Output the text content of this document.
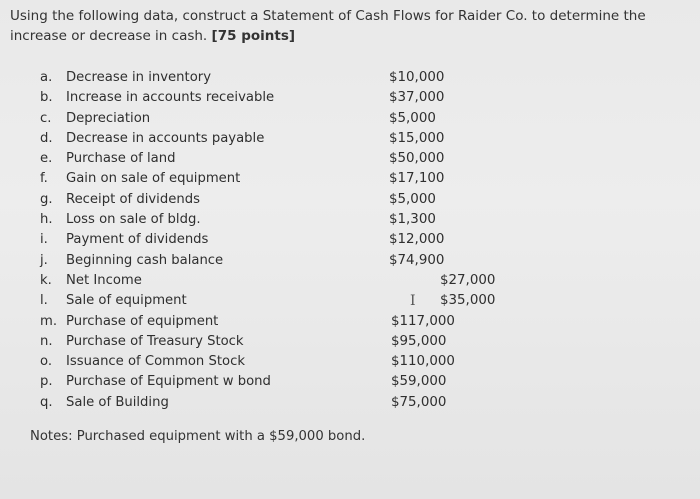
Using the following data, construct a Statement of Cash Flows for Raider Co. to determine the
increase or decrease in cash. [75 points]
a.	Decrease in inventory	$10,000
b.	Increase in accounts receivable	$37,000
c.	Depreciation	$5,000
d.	Decrease in accounts payable	$15,000
e.	Purchase of land	$50,000
f.	Gain on sale of equipment	$17,100
g.	Receipt of dividends	$5,000
h.	Loss on sale of bldg.	$1,300
i.	Payment of dividends	$12,000
j.	Beginning cash balance	$74,900
k.	Net Income	$27,000
l.	Sale of equipment	I $35,000
m. Purchase of equipment	$117,000
n.	Purchase of Treasury Stock	$95,000
o.	Issuance of Common Stock	$110,000
p.	Purchase of Equipment w bond	$59,000
q.	Sale of Building	$75,000
Notes: Purchased equipment with a $59,000 bond.
